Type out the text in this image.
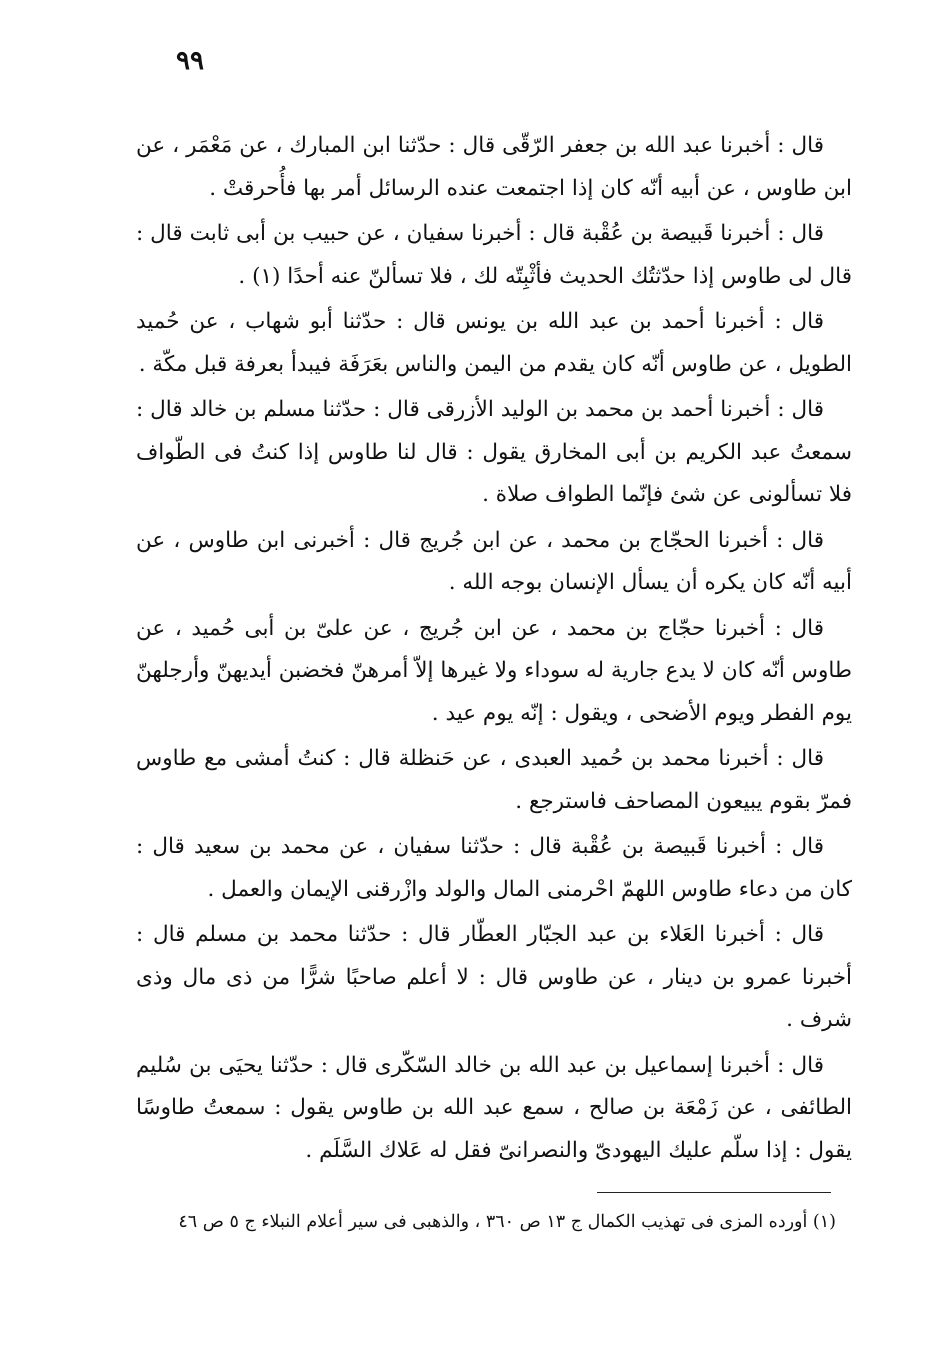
٩٩

قال : أخبرنا عبد الله بن جعفر الرّقّى قال : حدّثنا ابن المبارك ، عن مَعْمَر ، عن ابن طاوس ، عن أبيه أنّه كان إذا اجتمعت عنده الرسائل أمر بها فأُحرقتْ .

قال : أخبرنا قَبيصة بن عُقْبة قال : أخبرنا سفيان ، عن حبيب بن أبى ثابت قال : قال لى طاوس إذا حدّثتُك الحديث فأثْبِتّه لك ، فلا تسألنّ عنه أحدًا (١) .

قال : أخبرنا أحمد بن عبد الله بن يونس قال : حدّثنا أبو شهاب ، عن حُميد الطويل ، عن طاوس أنّه كان يقدم من اليمن والناس بعَرَفَة فيبدأ بعرفة قبل مكّة .

قال : أخبرنا أحمد بن محمد بن الوليد الأزرقى قال : حدّثنا مسلم بن خالد قال : سمعتُ عبد الكريم بن أبى المخارق يقول : قال لنا طاوس إذا كنتُ فى الطّواف فلا تسألونى عن شئ فإنّما الطواف صلاة .

قال : أخبرنا الحجّاج بن محمد ، عن ابن جُريج قال : أخبرنى ابن طاوس ، عن أبيه أنّه كان يكره أن يسأل الإنسان بوجه الله .

قال : أخبرنا حجّاج بن محمد ، عن ابن جُريج ، عن علىّ بن أبى حُميد ، عن طاوس أنّه كان لا يدع جارية له سوداء ولا غيرها إلاّ أمرهنّ فخضبن أيديهنّ وأرجلهنّ يوم الفطر ويوم الأضحى ، ويقول : إنّه يوم عيد .

قال : أخبرنا محمد بن حُميد العبدى ، عن حَنظلة قال : كنتُ أمشى مع طاوس فمرّ بقوم يبيعون المصاحف فاسترجع .

قال : أخبرنا قَبيصة بن عُقْبة قال : حدّثنا سفيان ، عن محمد بن سعيد قال : كان من دعاء طاوس اللهمّ احْرمنى المال والولد وازْرقنى الإيمان والعمل .

قال : أخبرنا العَلاء بن عبد الجبّار العطّار قال : حدّثنا محمد بن مسلم قال : أخبرنا عمرو بن دينار ، عن طاوس قال : لا أعلم صاحبًا شرًّا من ذى مال وذى شرف .

قال : أخبرنا إسماعيل بن عبد الله بن خالد السّكّرى قال : حدّثنا يحيَى بن سُليم الطائفى ، عن زَمْعَة بن صالح ، سمع عبد الله بن طاوس يقول : سمعتُ طاوسًا يقول : إذا سلّم عليك اليهودىّ والنصرانىّ فقل له عَلاك السَّلَم .

(١) أورده المزى فى تهذيب الكمال ج ١٣ ص ٣٦٠ ، والذهبى فى سير أعلام النبلاء ج ٥ ص ٤٦
